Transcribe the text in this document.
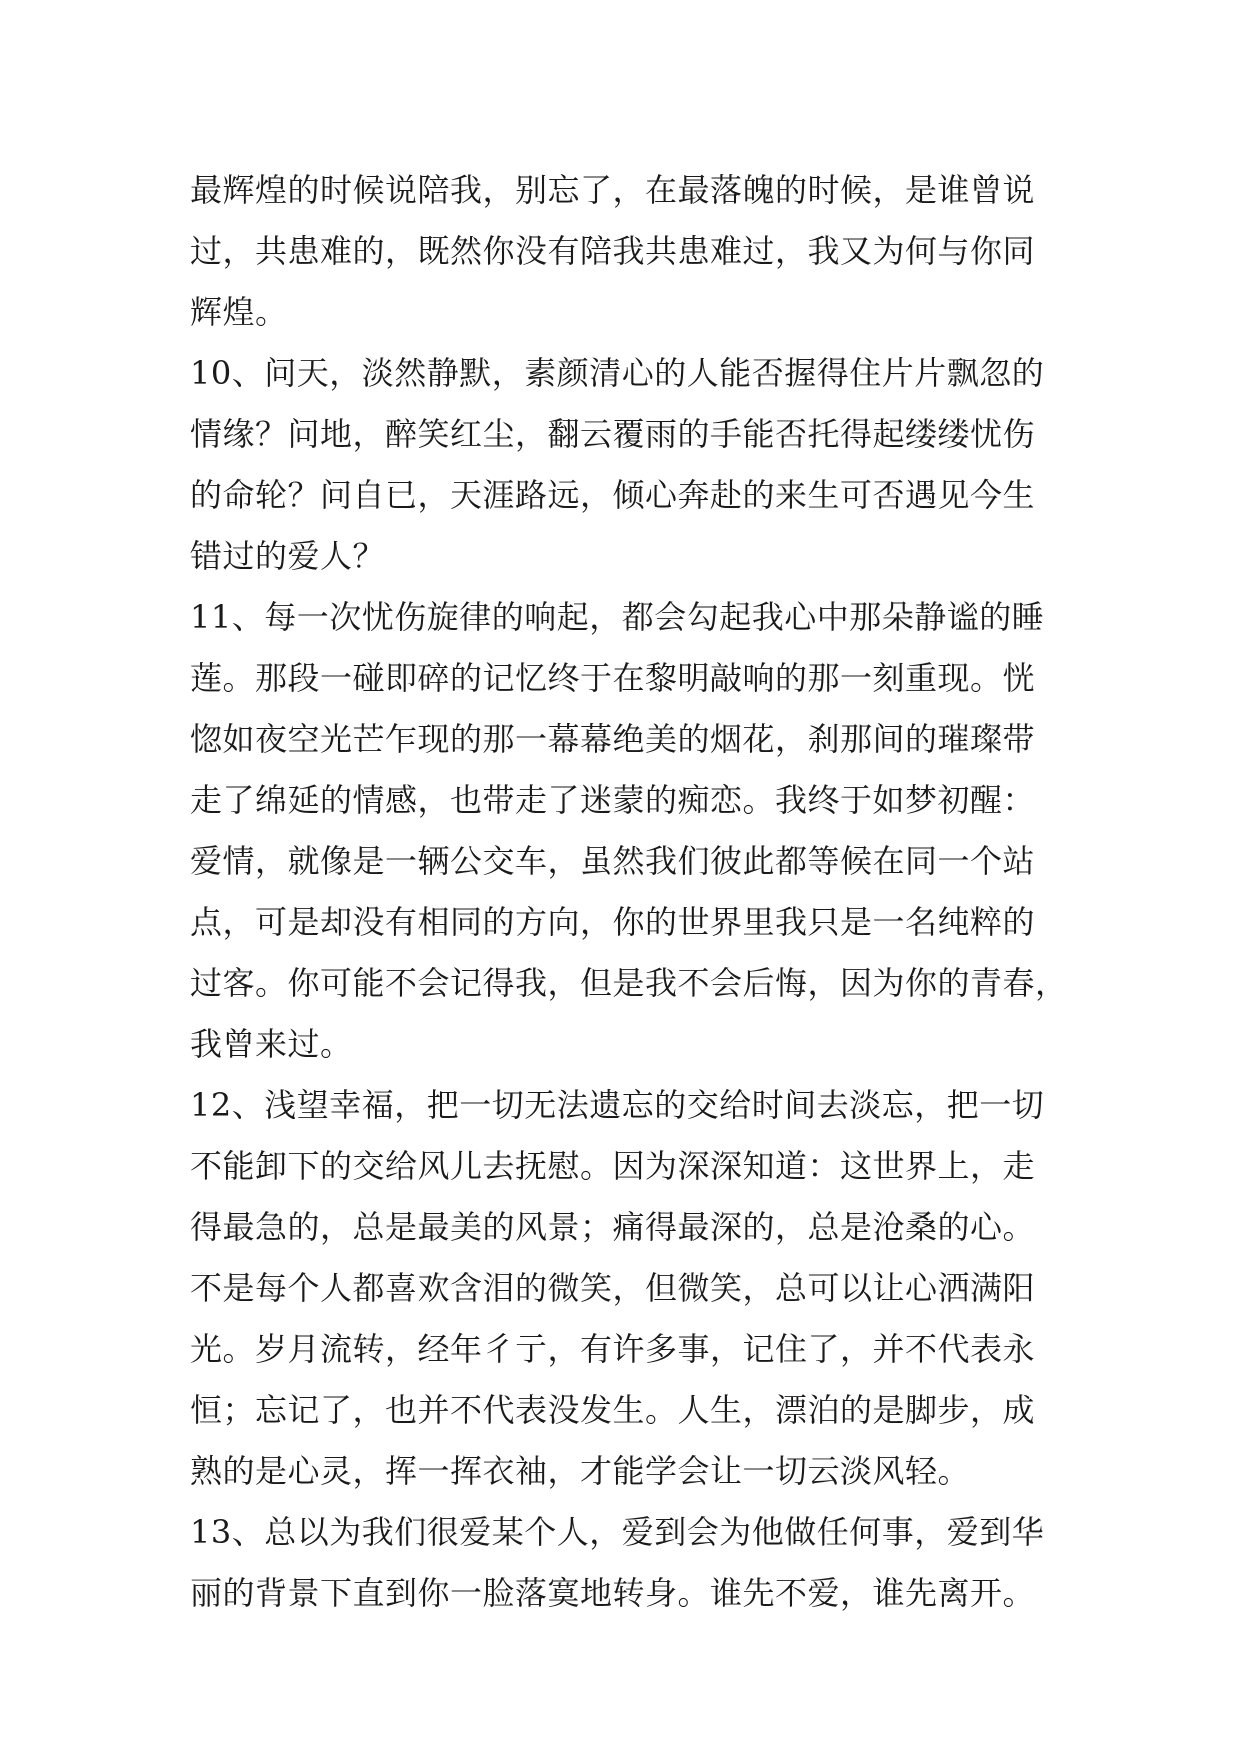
最辉煌的时候说陪我，别忘了，在最落魄的时候，是谁曾说
过，共患难的，既然你没有陪我共患难过，我又为何与你同
辉煌。
10、问天，淡然静默，素颜清心的人能否握得住片片飘忽的
情缘？问地，醉笑红尘，翻云覆雨的手能否托得起缕缕忧伤
的命轮？问自已，天涯路远，倾心奔赴的来生可否遇见今生
错过的爱人？
11、每一次忧伤旋律的响起，都会勾起我心中那朵静谧的睡
莲。那段一碰即碎的记忆终于在黎明敲响的那一刻重现。恍
惚如夜空光芒乍现的那一幕幕绝美的烟花，刹那间的璀璨带
走了绵延的情感，也带走了迷蒙的痴恋。我终于如梦初醒：
爱情，就像是一辆公交车，虽然我们彼此都等候在同一个站
点，可是却没有相同的方向，你的世界里我只是一名纯粹的
过客。你可能不会记得我，但是我不会后悔，因为你的青春，
我曾来过。
12、浅望幸福，把一切无法遗忘的交给时间去淡忘，把一切
不能卸下的交给风儿去抚慰。因为深深知道：这世界上，走
得最急的，总是最美的风景；痛得最深的，总是沧桑的心。
不是每个人都喜欢含泪的微笑，但微笑，总可以让心洒满阳
光。岁月流转，经年彳亍，有许多事，记住了，并不代表永
恒；忘记了，也并不代表没发生。人生，漂泊的是脚步，成
熟的是心灵，挥一挥衣袖，才能学会让一切云淡风轻。
13、总以为我们很爱某个人，爱到会为他做任何事，爱到华
丽的背景下直到你一脸落寞地转身。谁先不爱，谁先离开。
